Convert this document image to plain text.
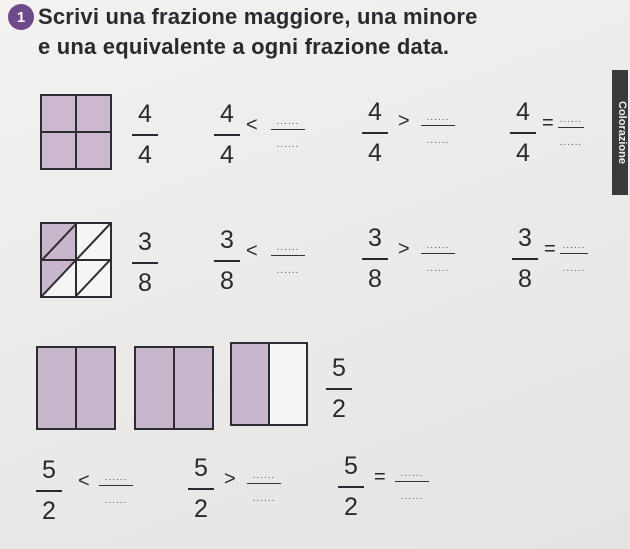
1 Scrivi una frazione maggiore, una minore
e una equivalente a ogni frazione data.
Colorazione
4
4
4
4
< ......
......
4
4
> ......
......
4
4
= ......
......
3
8
3
8
< ......
......
3
8
> ......
......
3
8
= ......
......
5
2
5
2
< ......
......
5
2
> ......
......
5
2
= ......
......
